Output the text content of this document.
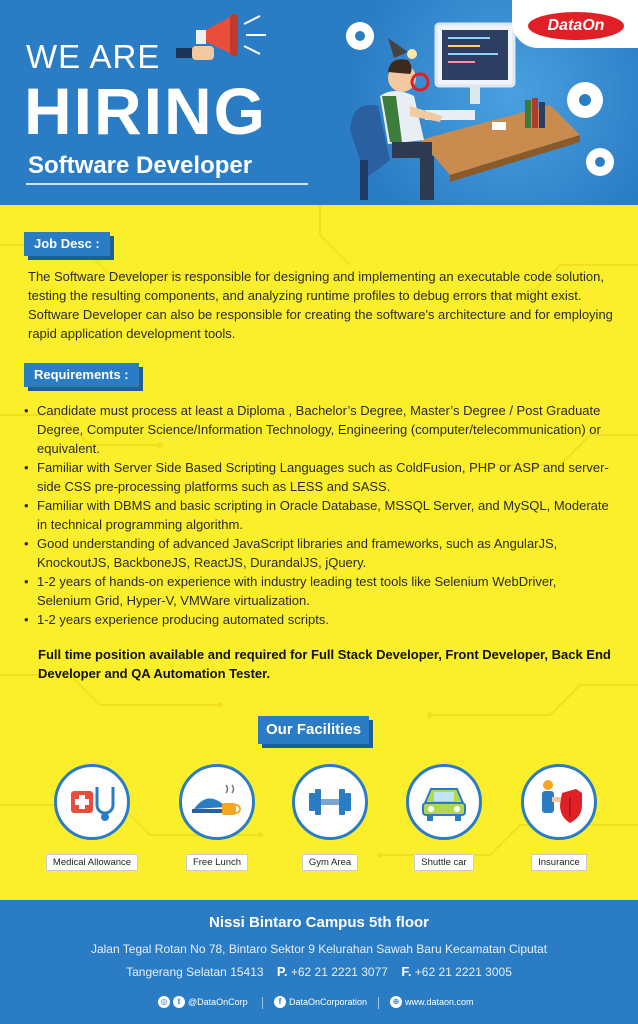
WE ARE
HIRING
Software Developer
DataOn
Job Desc :

The Software Developer is responsible for designing and implementing an executable code solution, testing the resulting components, and analyzing runtime profiles to debug errors that might exist. Software Developer can also be responsible for creating the software's architecture and for employing rapid application development tools.

Requirements :
• Candidate must process at least a Diploma , Bachelor’s Degree, Master’s Degree / Post Graduate Degree, Computer Science/Information Technology, Engineering (computer/telecommunication) or equivalent.
• Familiar with Server Side Based Scripting Languages such as ColdFusion, PHP or ASP and server-side CSS pre-processing platforms such as LESS and SASS.
• Familiar with DBMS and basic scripting in Oracle Database, MSSQL Server, and MySQL, Moderate in technical programming algorithm.
• Good understanding of advanced JavaScript libraries and frameworks, such as AngularJS, KnockoutJS, BackboneJS, ReactJS, DurandalJS, jQuery.
• 1-2 years of hands-on experience with industry leading test tools like Selenium WebDriver, Selenium Grid, Hyper-V, VMWare virtualization.
• 1-2 years experience producing automated scripts.

Full time position available and required for Full Stack Developer, Front Developer, Back End Developer and QA Automation Tester.

Our Facilities
Medical Allowance	Free Lunch	Gym Area	Shuttle car	Insurance
Nissi Bintaro Campus 5th floor
Jalan Tegal Rotan No 78, Bintaro Sektor 9 Kelurahan Sawah Baru Kecamatan Ciputat
Tangerang Selatan 15413 P. +62 21 2221 3077 F. +62 21 2221 3005
◎	t @DataOnCorp	f DataOnCorporation	⊕ www.dataon.com
